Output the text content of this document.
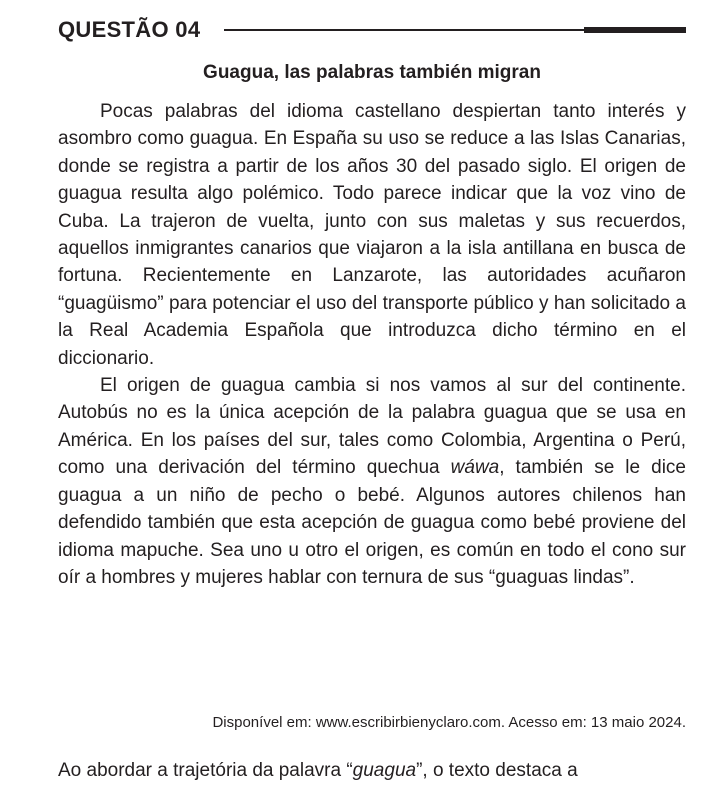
QUESTÃO 04
Guagua, las palabras también migran

Pocas palabras del idioma castellano despiertan tanto interés y asombro como guagua. En España su uso se reduce a las Islas Canarias, donde se registra a partir de los años 30 del pasado siglo. El origen de guagua resulta algo polémico. Todo parece indicar que la voz vino de Cuba. La trajeron de vuelta, junto con sus maletas y sus recuerdos, aquellos inmigrantes canarios que viajaron a la isla antillana en busca de fortuna. Recientemente en Lanzarote, las autoridades acuñaron “guagüismo” para potenciar el uso del transporte público y han solicitado a la Real Academia Española que introduzca dicho término en el diccionario.

El origen de guagua cambia si nos vamos al sur del continente. Autobús no es la única acepción de la palabra guagua que se usa en América. En los países del sur, tales como Colombia, Argentina o Perú, como una derivación del término quechua wáwa, también se le dice guagua a un niño de pecho o bebé. Algunos autores chilenos han defendido también que esta acepción de guagua como bebé proviene del idioma mapuche. Sea uno u otro el origen, es común en todo el cono sur oír a hombres y mujeres hablar con ternura de sus “guaguas lindas”.

Disponível em: www.escribirbienyclaro.com. Acesso em: 13 maio 2024.
Ao abordar a trajetória da palavra “guagua”, o texto destaca a
